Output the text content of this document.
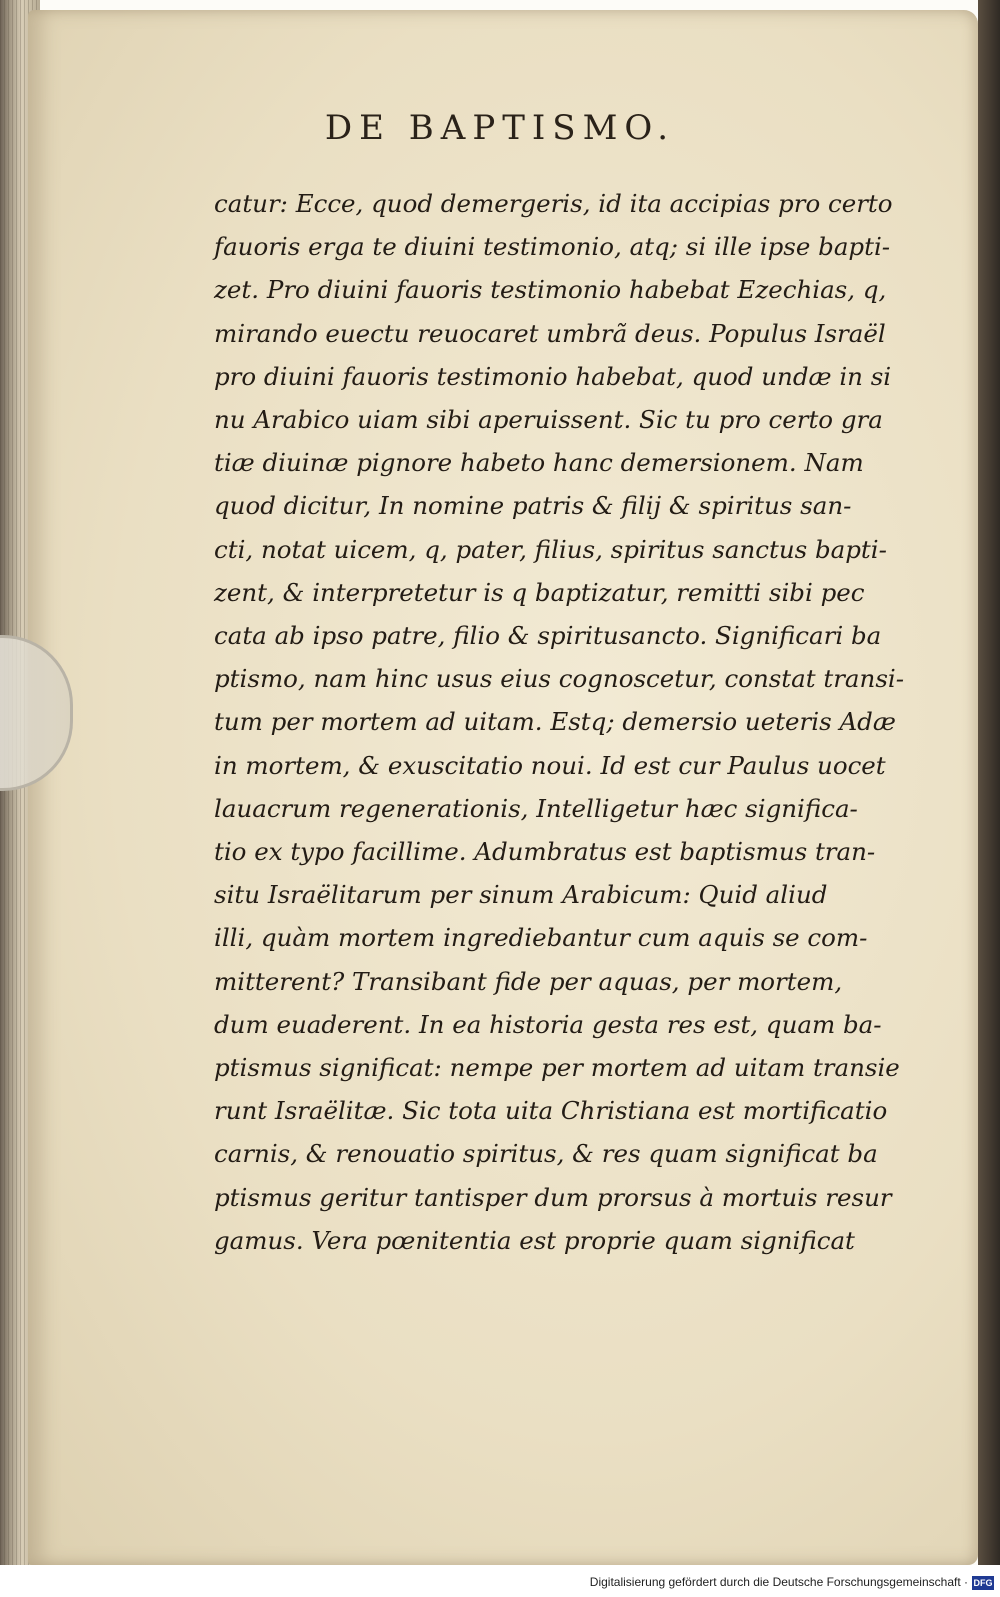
DE BAPTISMO.
catur: Ecce, quod demergeris, id ita accipias pro certo
fauoris erga te diuini testimonio, atq; si ille ipse bapti-
zet. Pro diuini fauoris testimonio habebat Ezechias, q,
mirando euectu reuocaret umbrã deus. Populus Israël
pro diuini fauoris testimonio habebat, quod undæ in si
nu Arabico uiam sibi aperuissent. Sic tu pro certo gra
tiæ diuinæ pignore habeto hanc demersionem. Nam
quod dicitur, In nomine patris & filij & spiritus san-
cti, notat uicem, q, pater, filius, spiritus sanctus bapti-
zent, & interpretetur is q baptizatur, remitti sibi pec
cata ab ipso patre, filio & spiritusancto. Significari ba
ptismo, nam hinc usus eius cognoscetur, constat transi-
tum per mortem ad uitam. Estq; demersio ueteris Adæ
in mortem, & exuscitatio noui. Id est cur Paulus uocet
lauacrum regenerationis, Intelligetur hæc significa-
tio ex typo facillime. Adumbratus est baptismus tran-
situ Israëlitarum per sinum Arabicum: Quid aliud
illi, quàm mortem ingrediebantur cum aquis se com-
mitterent? Transibant fide per aquas, per mortem,
dum euaderent. In ea historia gesta res est, quam ba-
ptismus significat: nempe per mortem ad uitam transie
runt Israëlitæ. Sic tota uita Christiana est mortificatio
carnis, & renouatio spiritus, & res quam significat ba
ptismus geritur tantisper dum prorsus à mortuis resur
gamus. Vera pœnitentia est proprie quam significat
Digitalisierung gefördert durch die Deutsche Forschungsgemeinschaft · DFG
